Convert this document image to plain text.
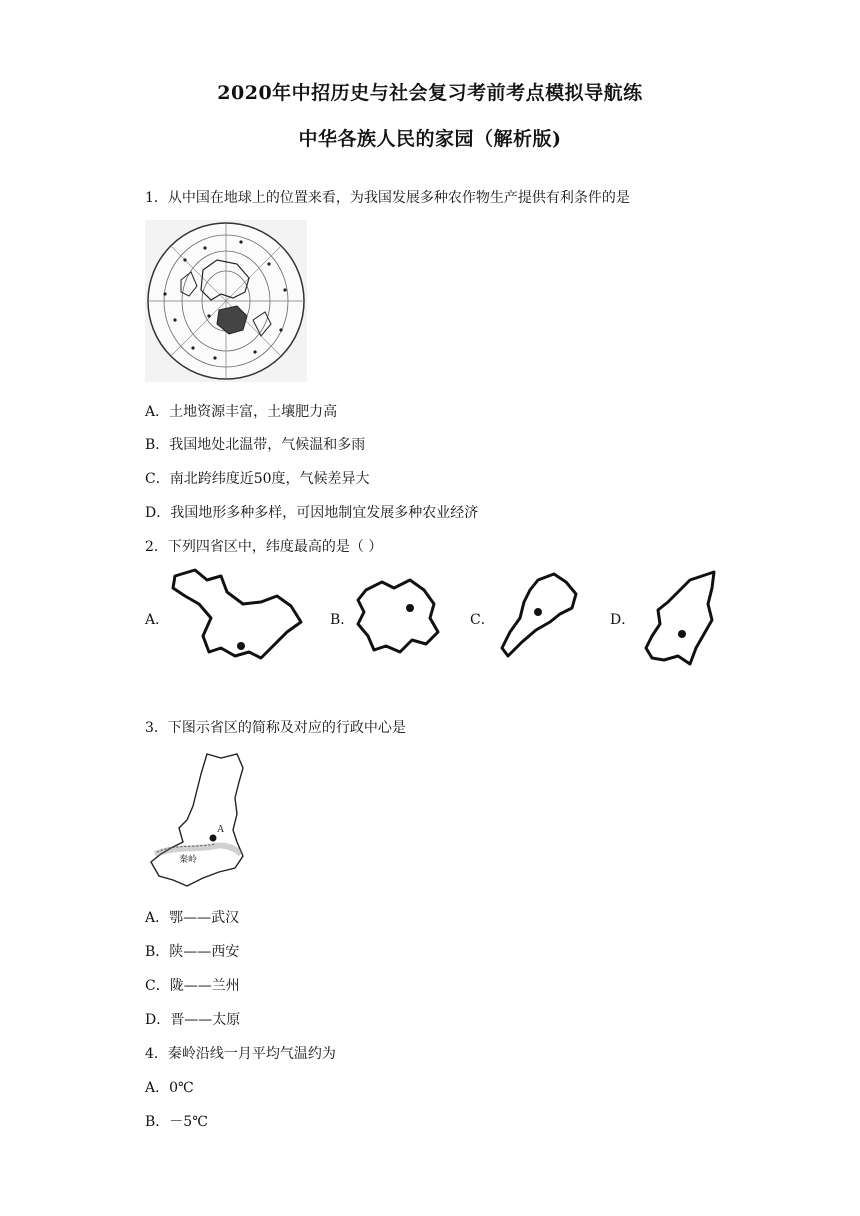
2020年中招历史与社会复习考前考点模拟导航练
中华各族人民的家园（解析版)
1．从中国在地球上的位置来看，为我国发展多种农作物生产提供有利条件的是
A．土地资源丰富，土壤肥力高
B．我国地处北温带，气候温和多雨
C．南北跨纬度近50度，气候差异大
D．我国地形多种多样，可因地制宜发展多种农业经济
2．下列四省区中，纬度最高的是（ ）
A．	B．	C．	D．
3．下图示省区的简称及对应的行政中心是
A
秦岭
A．鄂——武汉
B．陕——西安
C．陇——兰州
D．晋——太原
4．秦岭沿线一月平均气温约为
A．0℃
B．－5℃
